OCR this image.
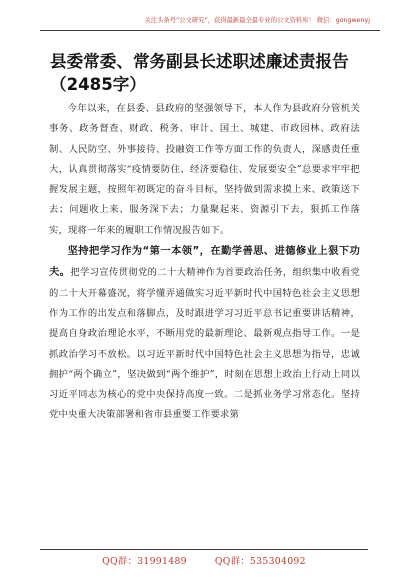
关注头条号“公文研究”，获得最新最全最专业的公文资料库！ 微信：gongwenyj
县委常委、常务副县长述职述廉述责报告（2485字）

今年以来，在县委、县政府的坚强领导下，本人作为县政府分管机关事务、政务督查、财政、税务、审计、国土、城建、市政园林、政府法制、人民防空、外事接待、投融资工作等方面工作的负责人，深感责任重大，认真贯彻落实“疫情要防住、经济要稳住、发展要安全”总要求牢牢把握发展主题，按照年初既定的奋斗目标，坚持做到需求摸上来、政策送下去；问题收上来、服务深下去；力量聚起来、资源引下去，狠抓工作落实，现将一年来的履职工作情况报告如下。

坚持把学习作为“第一本领”，在勤学善思、进德修业上狠下功夫。把学习宣传贯彻党的二十大精神作为首要政治任务，组织集中收看党的二十大开幕盛况，将学懂弄通做实习近平新时代中国特色社会主义思想作为工作的出发点和落脚点，及时跟进学习习近平总书记重要讲话精神，提高自身政治理论水平，不断用党的最新理论、最新观点指导工作。一是抓政治学习不放松。以习近平新时代中国特色社会主义思想为指导，忠诚拥护“两个确立”，坚决做到“两个维护”，时刻在思想上政治上行动上同以习近平同志为核心的党中央保持高度一致。二是抓业务学习常态化。坚持党中央重大决策部署和省市县重要工作要求第

QQ群：31991489	QQ群：535304092
